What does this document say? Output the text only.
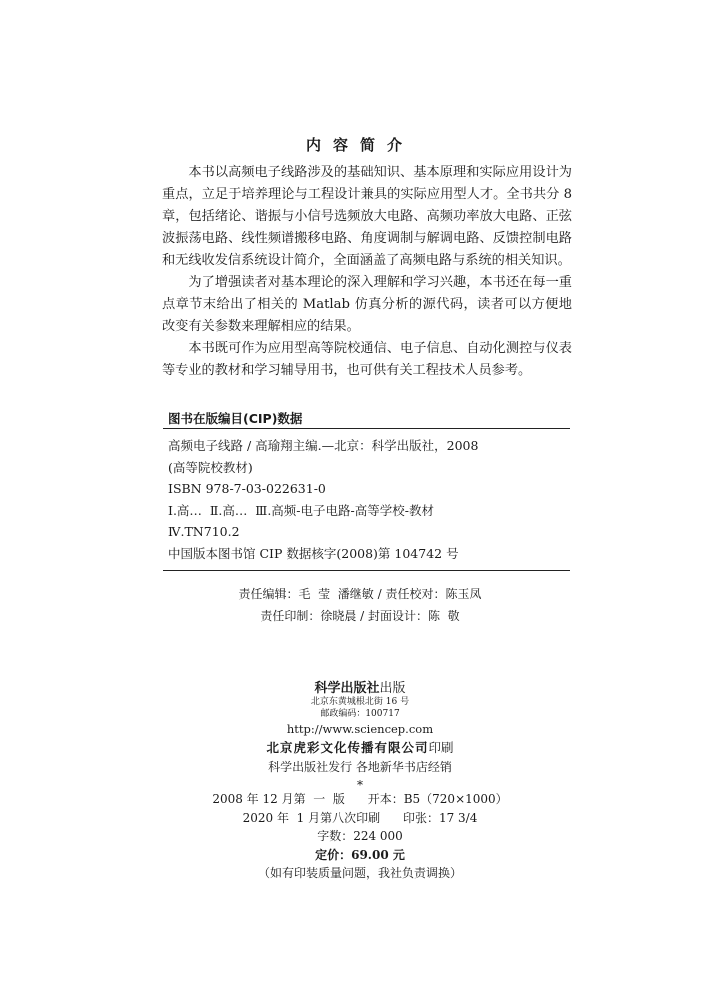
内容简介

本书以高频电子线路涉及的基础知识、基本原理和实际应用设计为重点，立足于培养理论与工程设计兼具的实际应用型人才。全书共分 8 章，包括绪论、谐振与小信号选频放大电路、高频功率放大电路、正弦波振荡电路、线性频谱搬移电路、角度调制与解调电路、反馈控制电路和无线收发信系统设计简介，全面涵盖了高频电路与系统的相关知识。

为了增强读者对基本理论的深入理解和学习兴趣，本书还在每一重点章节末给出了相关的 Matlab 仿真分析的源代码，读者可以方便地改变有关参数来理解相应的结果。

本书既可作为应用型高等院校通信、电子信息、自动化测控与仪表等专业的教材和学习辅导用书，也可供有关工程技术人员参考。

图书在版编目(CIP)数据
高频电子线路 / 高瑜翔主编.—北京：科学出版社，2008
(高等院校教材)
ISBN 978-7-03-022631-0
Ⅰ.高…  Ⅱ.高…  Ⅲ.高频-电子电路-高等学校-教材
Ⅳ.TN710.2
中国版本图书馆 CIP 数据核字(2008)第 104742 号
责任编辑：毛  莹  潘继敏 / 责任校对：陈玉凤
责任印制：徐晓晨 / 封面设计：陈  敬
科学出版社出版
北京东黄城根北街 16 号
邮政编码：100717
http://www.sciencep.com
北京虎彩文化传播有限公司印刷
科学出版社发行 各地新华书店经销
*
2008 年 12 月第  一  版      开本：B5（720×1000）
2020 年  1 月第八次印刷      印张：17 3/4
字数：224 000
定价：69.00 元
（如有印装质量问题，我社负责调换）
